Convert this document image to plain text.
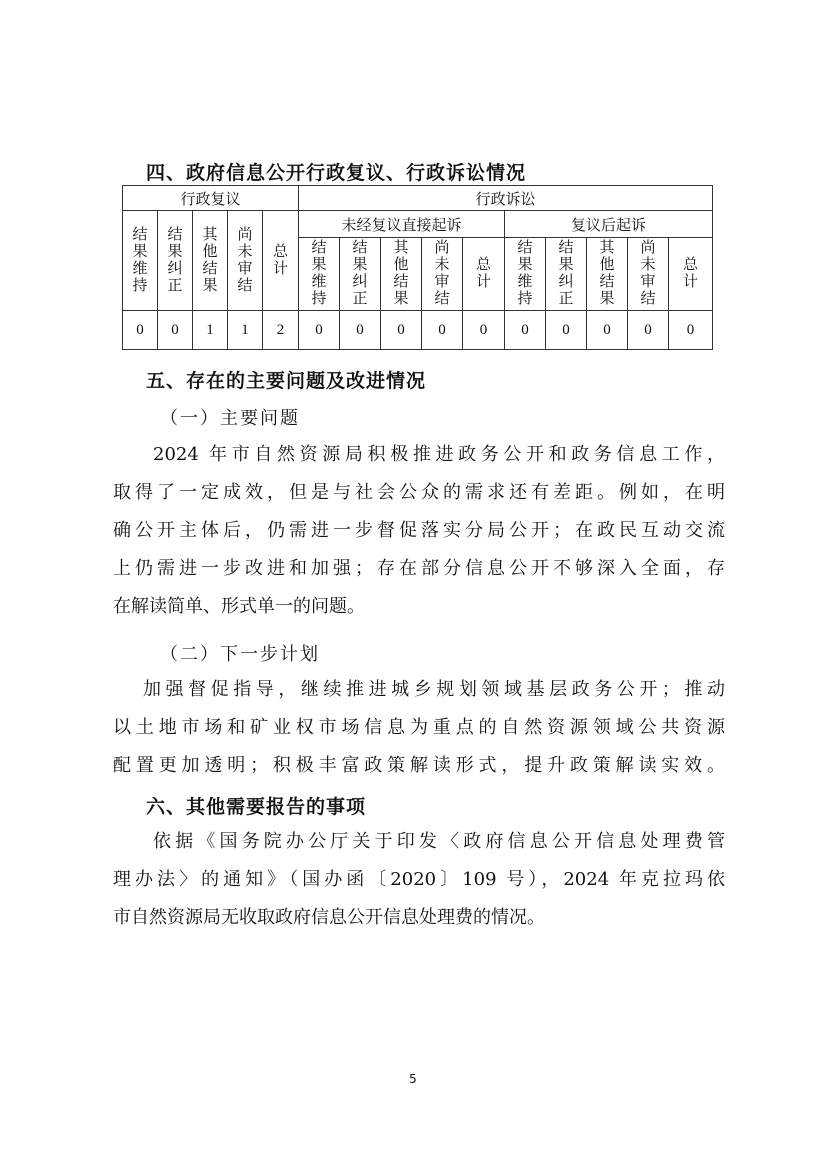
四、政府信息公开行政复议、行政诉讼情况
行政复议					行政诉讼									

结
果
维
持	结
果
纠
正	其
他
结
果	尚
未
审
结	总
计	未经复议直接起诉					复议后起诉				

					结
果
维
持	结
果
纠
正	其
他
结
果	尚
未
审
结	总
计	结
果
维
持	结
果
纠
正	其
他
结
果	尚
未
审
结	总
计

0	0	1	1	2	0	0	0	0	0	0	0	0	0	0
五、存在的主要问题及改进情况
（一）主要问题
2024 年市自然资源局积极推进政务公开和政务信息工作，
取得了一定成效，但是与社会公众的需求还有差距。例如，在明
确公开主体后，仍需进一步督促落实分局公开；在政民互动交流
上仍需进一步改进和加强；存在部分信息公开不够深入全面，存
在解读简单、形式单一的问题。
（二）下一步计划
加强督促指导，继续推进城乡规划领域基层政务公开；推动
以土地市场和矿业权市场信息为重点的自然资源领域公共资源
配置更加透明；积极丰富政策解读形式，提升政策解读实效。
六、其他需要报告的事项
依据《国务院办公厅关于印发〈政府信息公开信息处理费管
理办法〉的通知》（国办函〔2020〕109 号），2024 年克拉玛依
市自然资源局无收取政府信息公开信息处理费的情况。
5
